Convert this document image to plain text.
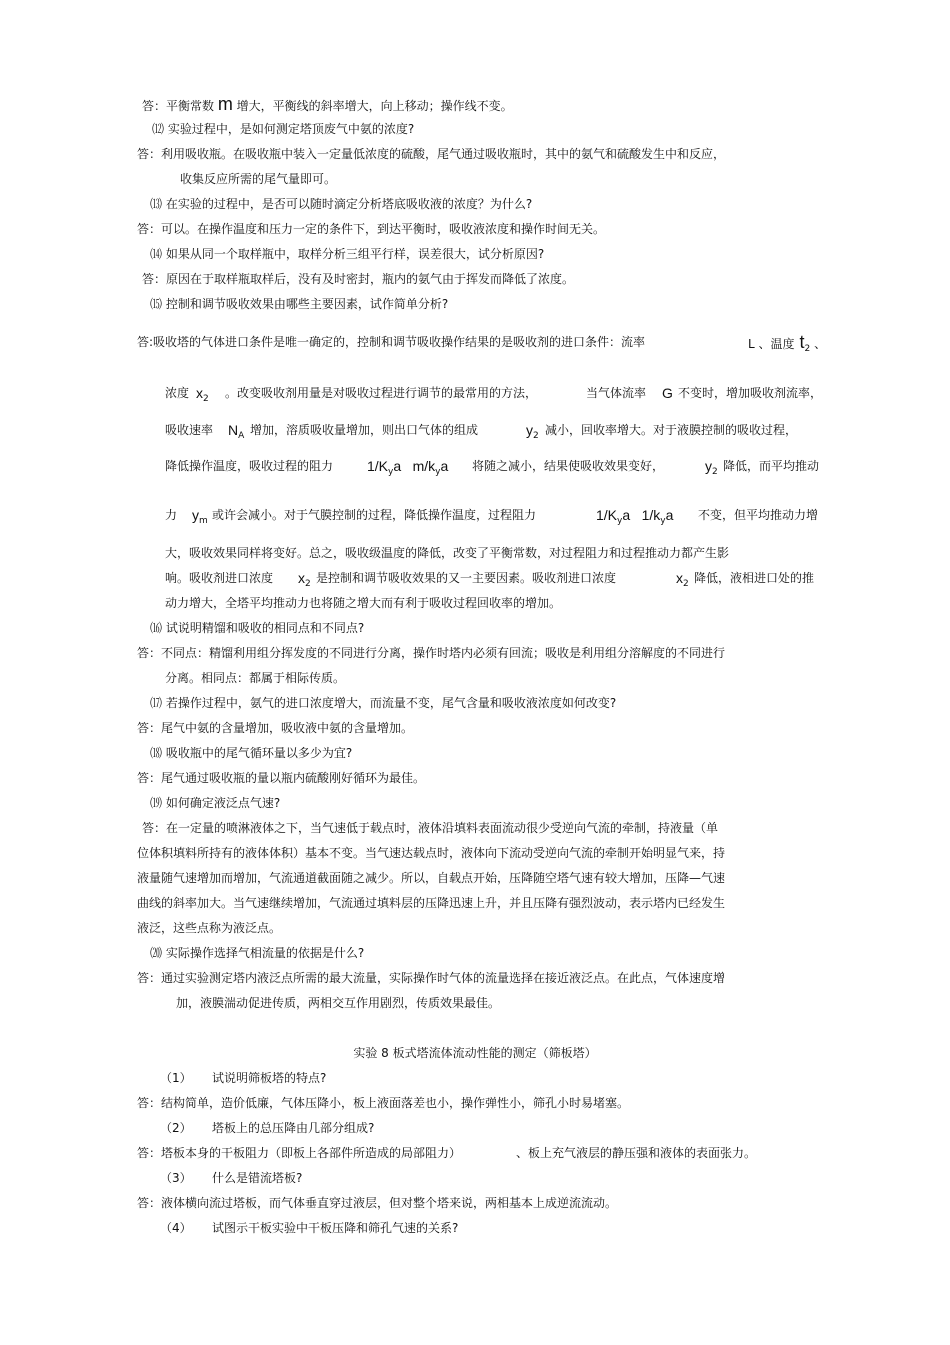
答：平衡常数 m 增大，平衡线的斜率增大，向上移动；操作线不变。
⑿ 实验过程中，是如何测定塔顶废气中氨的浓度?
答：利用吸收瓶。在吸收瓶中装入一定量低浓度的硫酸，尾气通过吸收瓶时，其中的氨气和硫酸发生中和反应，
收集反应所需的尾气量即可。
⒀ 在实验的过程中，是否可以随时滴定分析塔底吸收液的浓度？为什么?
答：可以。在操作温度和压力一定的条件下，到达平衡时，吸收液浓度和操作时间无关。
⒁ 如果从同一个取样瓶中，取样分析三组平行样，误差很大，试分析原因?
答：原因在于取样瓶取样后，没有及时密封，瓶内的氨气由于挥发而降低了浓度。
⒂ 控制和调节吸收效果由哪些主要因素，试作简单分析?
答:吸收塔的气体进口条件是唯一确定的，控制和调节吸收操作结果的是吸收剂的进口条件：流率	L 、温度 $t_2$ 、
浓度 $x_2$ 。改变吸收剂用量是对吸收过程进行调节的最常用的方法，	当气体流率 G 不变时，增加吸收剂流率，
吸收速率 $N_A$ 增加，溶质吸收量增加，则出口气体的组成	$y_2$ 减小，回收率增大。对于液膜控制的吸收过程，
降低操作温度，吸收过程的阻力 $1/K_ya$ $m/k_ya$ 将随之减小，结果使吸收效果变好，	$y_2$ 降低，而平均推动
力 $y_m$ 或许会减小。对于气膜控制的过程，降低操作温度，过程阻力	$1/K_ya$ $1/k_ya$ 不变，但平均推动力增
大，吸收效果同样将变好。总之，吸收级温度的降低，改变了平衡常数，对过程阻力和过程推动力都产生影
响。吸收剂进口浓度 $x_2$ 是控制和调节吸收效果的又一主要因素。吸收剂进口浓度	$x_2$ 降低，液相进口处的推
动力增大，全塔平均推动力也将随之增大而有利于吸收过程回收率的增加。
⒃ 试说明精馏和吸收的相同点和不同点?
答：不同点：精馏利用组分挥发度的不同进行分离，操作时塔内必须有回流；吸收是利用组分溶解度的不同进行
分离。相同点：都属于相际传质。
⒄ 若操作过程中，氨气的进口浓度增大，而流量不变，尾气含量和吸收液浓度如何改变?
答：尾气中氨的含量增加，吸收液中氨的含量增加。
⒅ 吸收瓶中的尾气循环量以多少为宜?
答：尾气通过吸收瓶的量以瓶内硫酸刚好循环为最佳。
⒆ 如何确定液泛点气速?
答：在一定量的喷淋液体之下，当气速低于载点时，液体沿填料表面流动很少受逆向气流的牵制，持液量（单
位体积填料所持有的液体体积）基本不变。当气速达载点时，液体向下流动受逆向气流的牵制开始明显气来，持
液量随气速增加而增加，气流通道截面随之减少。所以，自载点开始，压降随空塔气速有较大增加，压降—气速
曲线的斜率加大。当气速继续增加，气流通过填料层的压降迅速上升，并且压降有强烈波动，表示塔内已经发生
液泛，这些点称为液泛点。
⒇ 实际操作选择气相流量的依据是什么?
答：通过实验测定塔内液泛点所需的最大流量，实际操作时气体的流量选择在接近液泛点。在此点，气体速度增
加，液膜湍动促进传质，两相交互作用剧烈，传质效果最佳。
实验 8 板式塔流体流动性能的测定（筛板塔）
（1） 试说明筛板塔的特点?
答：结构简单，造价低廉，气体压降小，板上液面落差也小，操作弹性小，筛孔小时易堵塞。
（2） 塔板上的总压降由几部分组成?
答：塔板本身的干板阻力（即板上各部件所造成的局部阻力）	、板上充气液层的静压强和液体的表面张力。
（3） 什么是错流塔板?
答：液体横向流过塔板，而气体垂直穿过液层，但对整个塔来说，两相基本上成逆流流动。
（4） 试图示干板实验中干板压降和筛孔气速的关系?
